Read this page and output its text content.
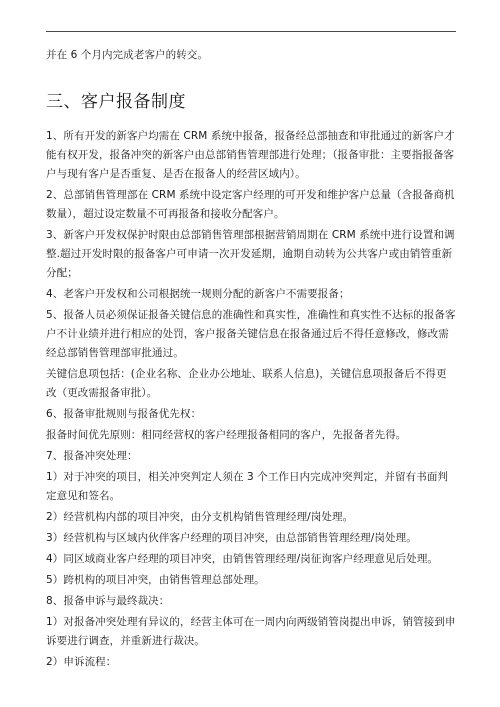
并在 6 个月内完成老客户的转交。

三、客户报备制度

1、所有开发的新客户均需在 CRM 系统中报备，报备经总部抽查和审批通过的新客户才能有权开发，报备冲突的新客户由总部销售管理部进行处理；（报备审批：主要指报备客户与现有客户是否重复、是否在报备人的经营区域内）。

2、总部销售管理部在 CRM 系统中设定客户经理的可开发和维护客户总量（含报备商机数量），超过设定数量不可再报备和接收分配客户。

3、新客户开发权保护时限由总部销售管理部根据营销周期在 CRM 系统中进行设置和调整.超过开发时限的报备客户可申请一次开发延期，逾期自动转为公共客户或由销管重新分配；

4、老客户开发权和公司根据统一规则分配的新客户不需要报备；

5、报备人员必须保证报备关键信息的准确性和真实性，准确性和真实性不达标的报备客户不计业绩并进行相应的处罚，客户报备关键信息在报备通过后不得任意修改，修改需经总部销售管理部审批通过。

关键信息项包括：(企业名称、企业办公地址、联系人信息)，关键信息项报备后不得更改（更改需报备审批）。

6、报备审批规则与报备优先权：

报备时间优先原则：相同经营权的客户经理报备相同的客户，先报备者先得。

7、报备冲突处理：

1）对于冲突的项目，相关冲突判定人须在 3 个工作日内完成冲突判定，并留有书面判定意见和签名。

2）经营机构内部的项目冲突，由分支机构销售管理经理/岗处理。

3）经营机构与区域内伙伴客户经理的项目冲突，由总部销售管理经理/岗处理。

4）同区域商业客户经理的项目冲突，由销售管理经理/岗征询客户经理意见后处理。

5）跨机构的项目冲突，由销售管理总部处理。

8、报备申诉与最终裁决：

1）对报备冲突处理有异议的，经营主体可在一周内向两级销管岗提出申诉，销管接到申诉要进行调查，并重新进行裁决。

2）申诉流程：
